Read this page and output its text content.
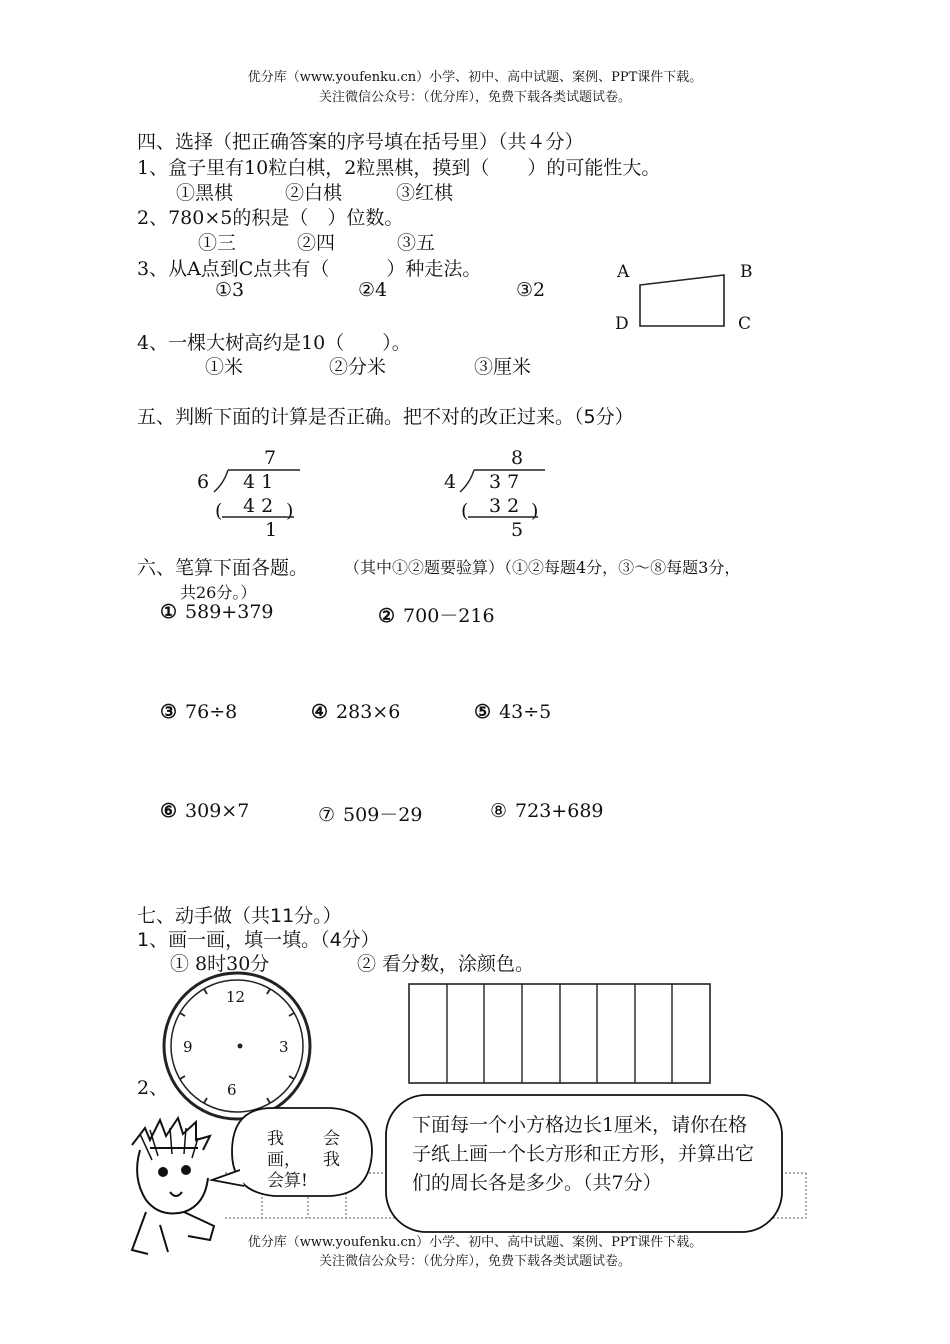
优分库（www.youfenku.cn）小学、初中、高中试题、案例、PPT课件下载。
关注微信公众号：（优分库），免费下载各类试题试卷。
四、选择（把正确答案的序号填在括号里）（共４分）
1、盒子里有10粒白棋，2粒黑棋，摸到（　　）的可能性大。
①黑棋	②白棋	③红棋
2、780×5的积是（　）位数。
①三	②四	③五
3、从A点到C点共有（　　　）种走法。
①3	②4	③2
A	B
D	C
4、一棵大树高约是10（　　）。
①米	②分米	③厘米
五、判断下面的计算是否正确。把不对的改正过来。（5分）
7
6 4 1
4 2
(	)
1
8
4 3 7
3 2
(	)
5
六、笔算下面各题。 （其中①②题要验算）（①②每题4分，③～⑧每题3分，
共26分。）
① 589+379	② 700－216
③ 76÷8	④ 283×6	⑤ 43÷5
⑥ 309×7	⑦ 509－29	⑧ 723+689
七、动手做（共11分。）
1、画一画，填一填。（4分）
① 8时30分	② 看分数，涂颜色。
12
3
6
9
2、
我 会
画， 我
会算!
下面每一个小方格边长1厘米，请你在格子纸上画一个长方形和正方形，并算出它们的周长各是多少。（共7分）
优分库（www.youfenku.cn）小学、初中、高中试题、案例、PPT课件下载。
关注微信公众号：（优分库），免费下载各类试题试卷。
